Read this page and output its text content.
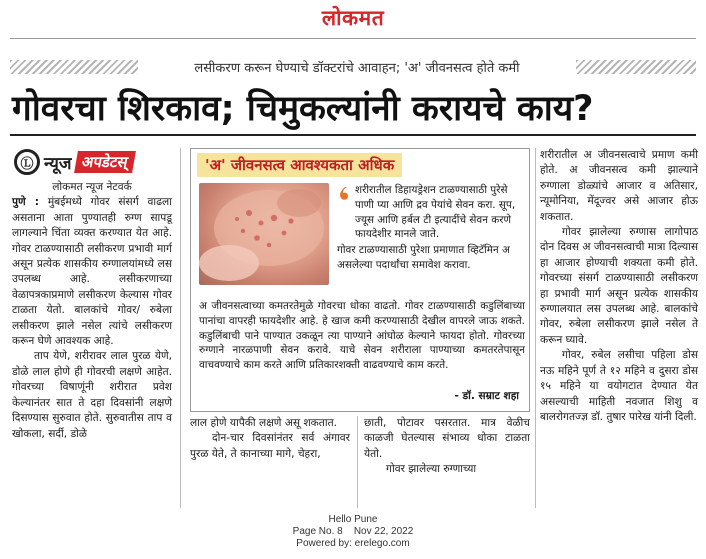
लोकमत
लसीकरण करून घेण्याचे डॉक्टरांचे आवाहन; 'अ' जीवनसत्व होते कमी
गोवरचा शिरकाव; चिमुकल्यांनी करायचे काय?
Ⓛ न्यूज अपडेटस्
लोकमत न्यूज नेटवर्क

पुणे : मुंबईमध्ये गोवर संसर्ग वाढला असताना आता पुण्यातही रुग्ण सापडू लागल्याने चिंता व्यक्त करण्यात येत आहे. गोवर टाळण्यासाठी लसीकरण प्रभावी मार्ग असून प्रत्येक शासकीय रुग्णालयांमध्ये लस उपलब्ध आहे. लसीकरणाच्या वेळापत्रकाप्रमाणे लसीकरण केल्यास गोवर टाळता येतो. बालकांचे गोवर/ रुबेला लसीकरण झाले नसेल त्यांचे लसीकरण करून घेणे आवश्यक आहे.

ताप येणे, शरीरावर लाल पुरळ येणे, डोळे लाल होणे ही गोवरची लक्षणे आहेत. गोवरच्या विषाणूंनी शरीरात प्रवेश केल्यानंतर सात ते दहा दिवसांनी लक्षणे दिसण्यास सुरुवात होते. सुरुवातीस ताप व खोकला, सर्दी, डोळे

'अ' जीवनसत्व आवश्यकता अधिक
शरीरातील डिहायड्रेशन टाळण्यासाठी पुरेसे पाणी प्या आणि द्रव पेयांचे सेवन करा. सूप, ज्यूस आणि हर्बल टी इत्यादींचे सेवन करणे फायदेशीर मानले जाते.
गोवर टाळण्यासाठी पुरेशा प्रमाणात व्हिटॅमिन अ असलेल्या पदार्थांचा समावेश करावा.
अ जीवनसत्वाच्या कमतरतेमुळे गोवरचा धोका वाढतो. गोवर टाळण्यासाठी कडुलिंबाच्या पानांचा वापरही फायदेशीर आहे. हे खाज कमी करण्यासाठी देखील वापरले जाऊ शकते. कडुलिंबाची पाने पाण्यात उकळून त्या पाण्याने आंघोळ केल्याने फायदा होतो. गोवरच्या रुग्णाने नारळपाणी सेवन करावे. याचे सेवन शरीराला पाण्याच्या कमतरतेपासून वाचवण्याचे काम करते आणि प्रतिकारशक्ती वाढवण्याचे काम करते.
- डॉ. सम्राट शहा

लाल होणे यापैकी लक्षणे असू शकतात.

दोन-चार दिवसांनंतर सर्व अंगावर पुरळ येते, ते कानाच्या मागे, चेहरा,

छाती, पोटावर पसरतात. मात्र वेळीच काळजी घेतल्यास संभाव्य धोका टाळता येतो.

गोवर झालेल्या रुग्णाच्या

शरीरातील अ जीवनसत्वाचे प्रमाण कमी होते. अ जीवनसत्व कमी झाल्याने रुग्णाला डोळ्यांचे आजार व अतिसार, न्यूमोनिया, मेंदूज्वर असे आजार होऊ शकतात.

गोवर झालेल्या रुग्णास लागोपाठ दोन दिवस अ जीवनसत्वाची मात्रा दिल्यास हा आजार होण्याची शक्यता कमी होते. गोवरच्या संसर्ग टाळण्यासाठी लसीकरण हा प्रभावी मार्ग असून प्रत्येक शासकीय रुग्णालयात लस उपलब्ध आहे. बालकांचे गोवर, रुबेला लसीकरण झाले नसेल ते करून घ्यावे.

गोवर, रुबेल लसीचा पहिला डोस नऊ महिने पूर्ण ते १२ महिने व दुसरा डोस १५ महिने या वयोगटात देण्यात येत असल्याची माहिती नवजात शिशु व बालरोगतज्ज्ञ डॉ. तुषार पारेख यांनी दिली.

Hello Pune
Page No. 8    Nov 22, 2022
Powered by: erelego.com
